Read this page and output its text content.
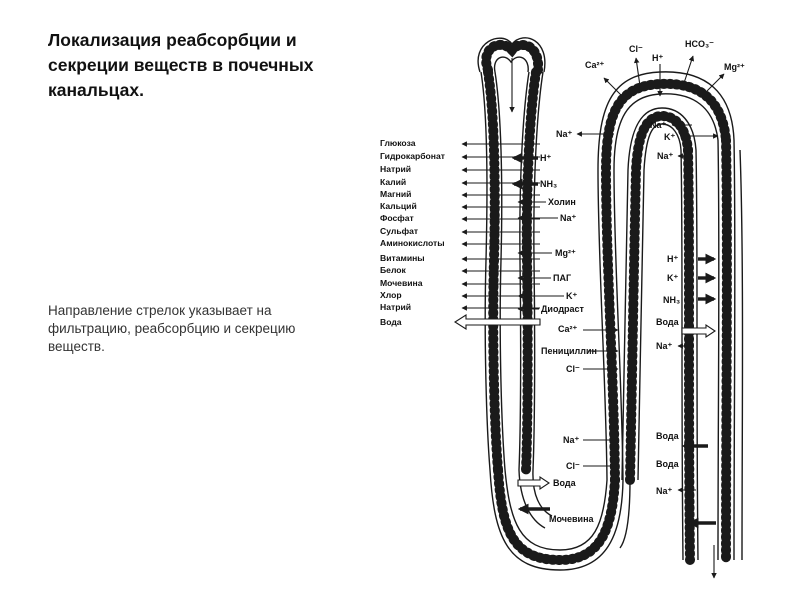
Локализация реабсорбции и секреции веществ в почечных канальцах.

Направление стрелок указывает на фильтрацию, реабсорбцию и секрецию веществ.

Глюкоза
Гидрокарбонат
Натрий
Калий
Магний
Кальций
Фосфат
Сульфат
Аминокислоты
Витамины
Белок
Мочевина
Хлор
Натрий
Вода
H⁺
NH₃
Холин
Na⁺
Mg²⁺
ПАГ
K⁺
Диодраст
Ca²⁺
Пенициллин
Cl⁻
Na⁺
Cl⁻
Вода
Мочевина
Ca²⁺
Cl⁻
H⁺
HCO₃⁻
Mg²⁺
Na⁺
Na⁺
K⁺
Na⁺
H⁺
K⁺
NH₃
Вода
Na⁺
Вода
Вода
Na⁺
